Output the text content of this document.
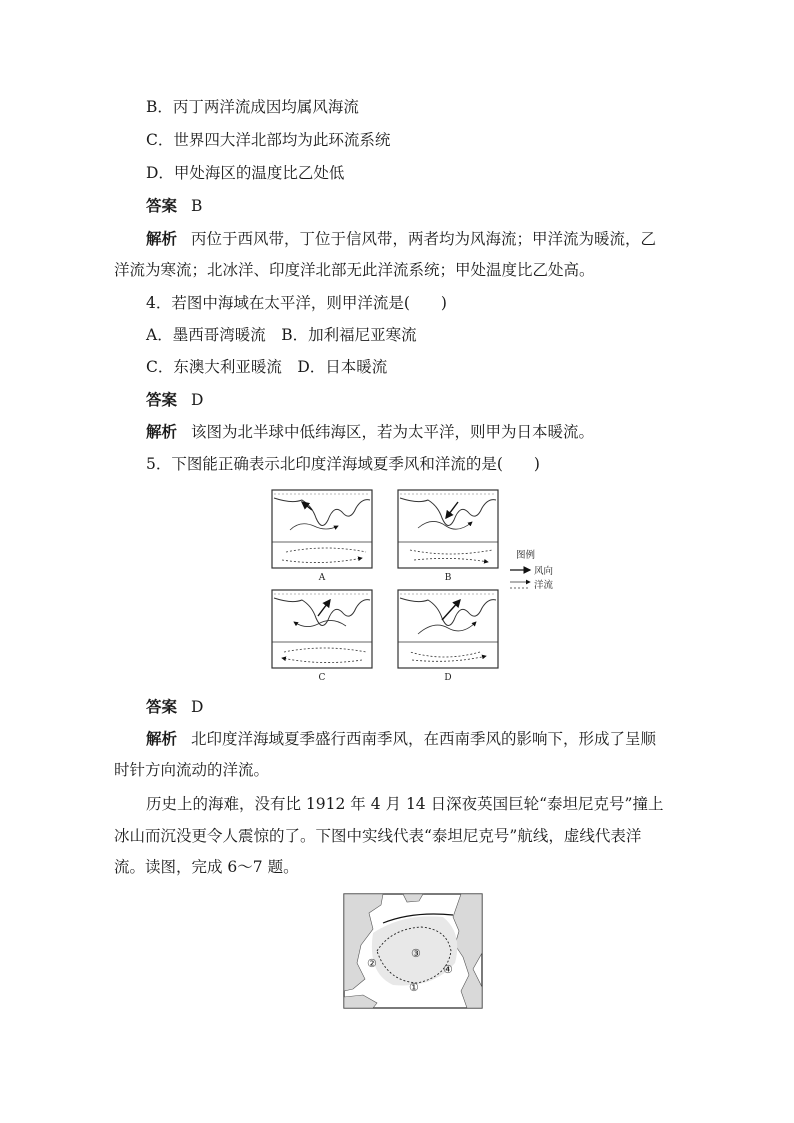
B．丙丁两洋流成因均属风海流
C．世界四大洋北部均为此环流系统
D．甲处海区的温度比乙处低
答案 B
解析 丙位于西风带，丁位于信风带，两者均为风海流；甲洋流为暖流，乙
洋流为寒流；北冰洋、印度洋北部无此洋流系统；甲处温度比乙处高。
4．若图中海域在太平洋，则甲洋流是(　　)
A．墨西哥湾暖流　B．加利福尼亚寒流
C．东澳大利亚暖流　D．日本暖流
答案 D
解析 该图为北半球中低纬海区，若为太平洋，则甲为日本暖流。
5．下图能正确表示北印度洋海域夏季风和洋流的是(　　)
A	B
C	D
图例
风向
洋流
答案 D
解析 北印度洋海域夏季盛行西南季风，在西南季风的影响下，形成了呈顺
时针方向流动的洋流。
历史上的海难，没有比 1912 年 4 月 14 日深夜英国巨轮“泰坦尼克号”撞上
冰山而沉没更令人震惊的了。下图中实线代表“泰坦尼克号”航线，虚线代表洋
流。读图，完成 6～7 题。
①
②
③
④
